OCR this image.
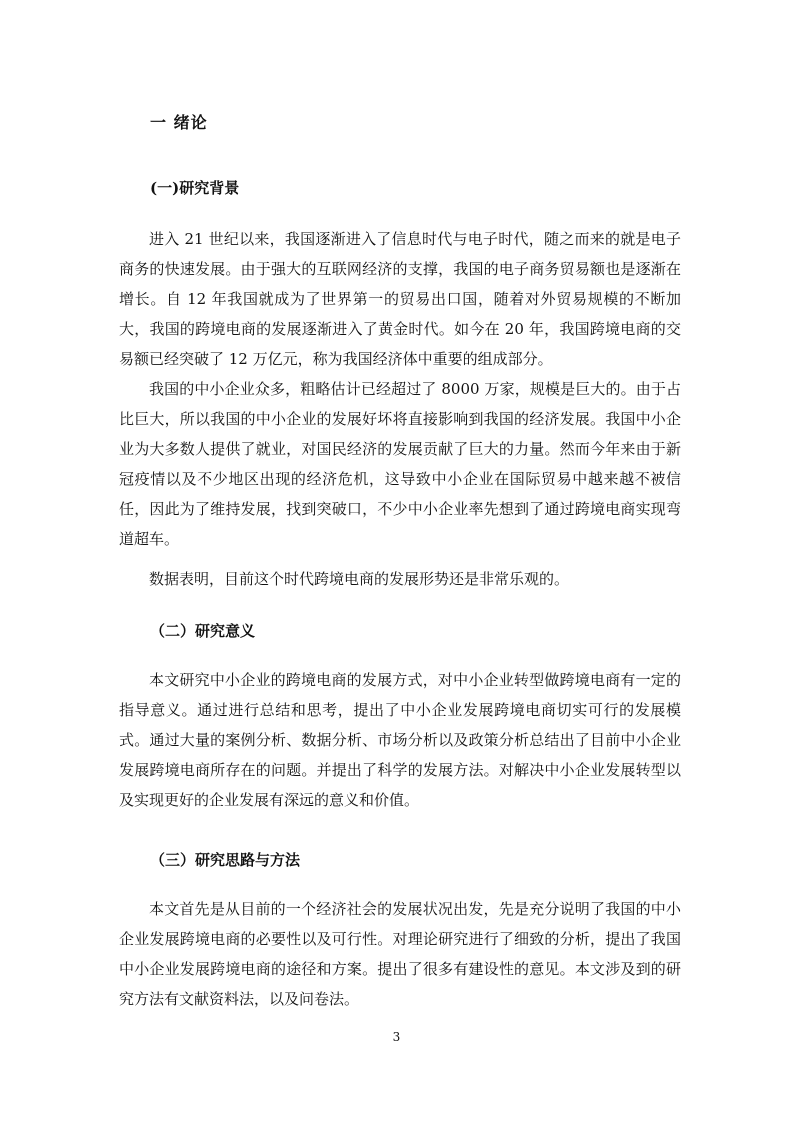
一 绪论
(一)研究背景

进入 21 世纪以来，我国逐渐进入了信息时代与电子时代，随之而来的就是电子商务的快速发展。由于强大的互联网经济的支撑，我国的电子商务贸易额也是逐渐在增长。自 12 年我国就成为了世界第一的贸易出口国，随着对外贸易规模的不断加大，我国的跨境电商的发展逐渐进入了黄金时代。如今在 20 年，我国跨境电商的交易额已经突破了 12 万亿元，称为我国经济体中重要的组成部分。

我国的中小企业众多，粗略估计已经超过了 8000 万家，规模是巨大的。由于占比巨大，所以我国的中小企业的发展好坏将直接影响到我国的经济发展。我国中小企业为大多数人提供了就业，对国民经济的发展贡献了巨大的力量。然而今年来由于新冠疫情以及不少地区出现的经济危机，这导致中小企业在国际贸易中越来越不被信任，因此为了维持发展，找到突破口，不少中小企业率先想到了通过跨境电商实现弯道超车。

数据表明，目前这个时代跨境电商的发展形势还是非常乐观的。

（二）研究意义

本文研究中小企业的跨境电商的发展方式，对中小企业转型做跨境电商有一定的指导意义。通过进行总结和思考，提出了中小企业发展跨境电商切实可行的发展模式。通过大量的案例分析、数据分析、市场分析以及政策分析总结出了目前中小企业发展跨境电商所存在的问题。并提出了科学的发展方法。对解决中小企业发展转型以及实现更好的企业发展有深远的意义和价值。

（三）研究思路与方法

本文首先是从目前的一个经济社会的发展状况出发，先是充分说明了我国的中小企业发展跨境电商的必要性以及可行性。对理论研究进行了细致的分析，提出了我国中小企业发展跨境电商的途径和方案。提出了很多有建设性的意见。本文涉及到的研究方法有文献资料法，以及问卷法。

3
